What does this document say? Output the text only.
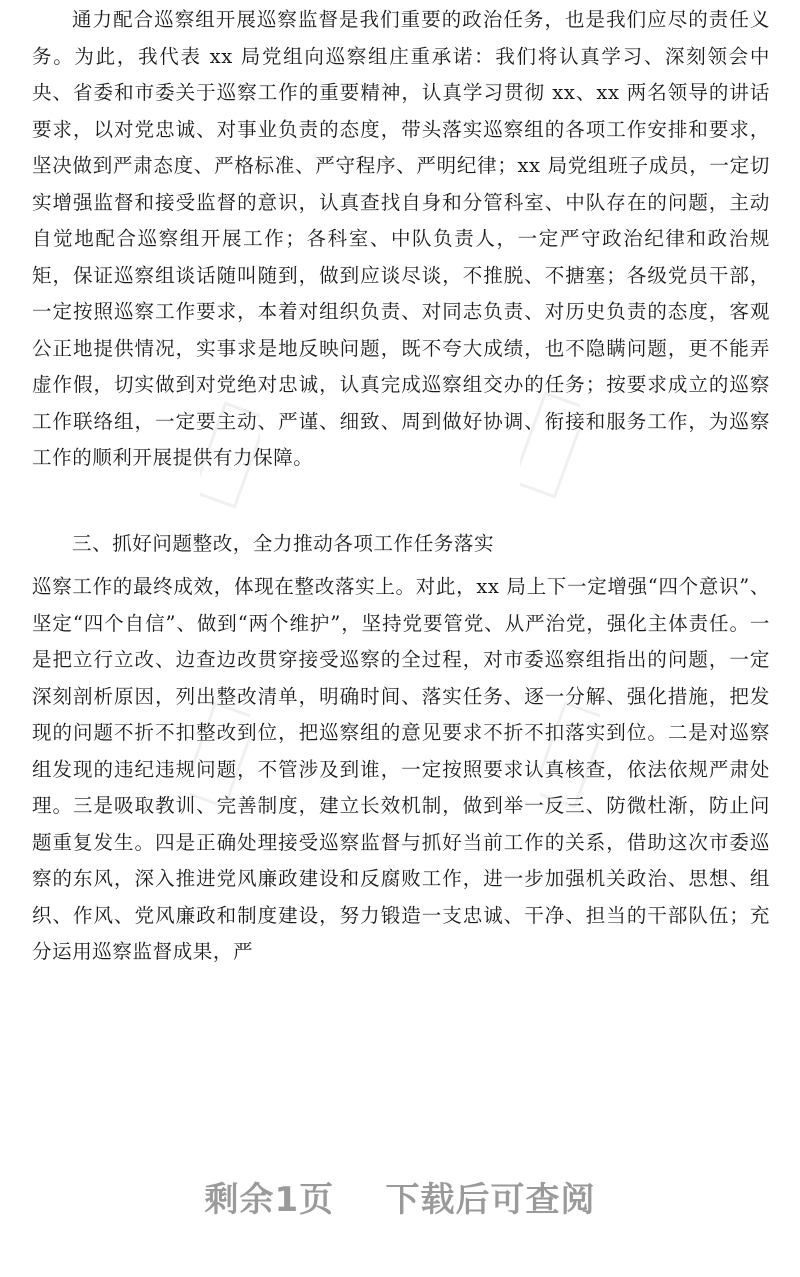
通力配合巡察组开展巡察监督是我们重要的政治任务，也是我们应尽的责任义务。为此，我代表 xx 局党组向巡察组庄重承诺：我们将认真学习、深刻领会中央、省委和市委关于巡察工作的重要精神，认真学习贯彻 xx、xx 两名领导的讲话要求，以对党忠诚、对事业负责的态度，带头落实巡察组的各项工作安排和要求，坚决做到严肃态度、严格标准、严守程序、严明纪律；xx 局党组班子成员，一定切实增强监督和接受监督的意识，认真查找自身和分管科室、中队存在的问题，主动自觉地配合巡察组开展工作；各科室、中队负责人，一定严守政治纪律和政治规矩，保证巡察组谈话随叫随到，做到应谈尽谈，不推脱、不搪塞；各级党员干部，一定按照巡察工作要求，本着对组织负责、对同志负责、对历史负责的态度，客观公正地提供情况，实事求是地反映问题，既不夸大成绩，也不隐瞒问题，更不能弄虚作假，切实做到对党绝对忠诚，认真完成巡察组交办的任务；按要求成立的巡察工作联络组，一定要主动、严谨、细致、周到做好协调、衔接和服务工作，为巡察工作的顺利开展提供有力保障。

三、抓好问题整改，全力推动各项工作任务落实

巡察工作的最终成效，体现在整改落实上。对此，xx 局上下一定增强“四个意识”、坚定“四个自信”、做到“两个维护”，坚持党要管党、从严治党，强化主体责任。一是把立行立改、边查边改贯穿接受巡察的全过程，对市委巡察组指出的问题，一定深刻剖析原因，列出整改清单，明确时间、落实任务、逐一分解、强化措施，把发现的问题不折不扣整改到位，把巡察组的意见要求不折不扣落实到位。二是对巡察组发现的违纪违规问题，不管涉及到谁，一定按照要求认真核查，依法依规严肃处理。三是吸取教训、完善制度，建立长效机制，做到举一反三、防微杜渐，防止问题重复发生。四是正确处理接受巡察监督与抓好当前工作的关系，借助这次市委巡察的东风，深入推进党风廉政建设和反腐败工作，进一步加强机关政治、思想、组织、作风、党风廉政和制度建设，努力锻造一支忠诚、干净、担当的干部队伍；充分运用巡察监督成果，严

剩余1页    下载后可查阅
